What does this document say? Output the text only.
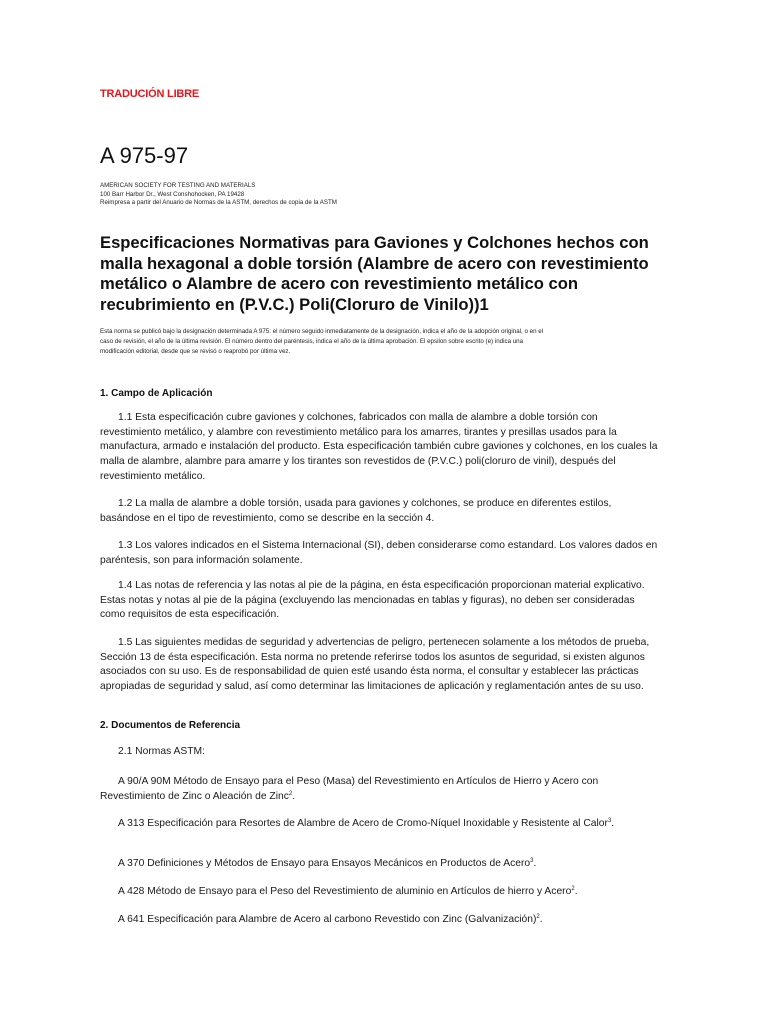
TRADUCIÓN LIBRE
A 975-97
AMERICAN SOCIETY FOR TESTING AND MATERIALS
100 Barr Harbor Dr., West Conshohocken, PA 19428
Reimpresa a partir del Anuario de Normas de la ASTM, derechos de copia de la ASTM
Especificaciones Normativas para Gaviones y Colchones hechos con malla hexagonal a doble torsión (Alambre de acero con revestimiento metálico o Alambre de acero con revestimiento metálico con recubrimiento en (P.V.C.) Poli(Cloruro de Vinilo))1
Esta norma se publicó bajo la designación determinada A 975: el número seguido inmediatamente de la designación, indica el año de la adopción original, o en el caso de revisión, el año de la última revisión. El número dentro del paréntesis, indica el año de la última aprobación. El epsilon sobre escrito (e) indica una modificación editorial, desde que se revisó o reaprobó por última vez.
1. Campo de Aplicación
1.1 Esta especificación cubre gaviones y colchones, fabricados con malla de alambre a doble torsión con revestimiento metálico, y alambre con revestimiento metálico para los amarres, tirantes y presillas usados para la manufactura, armado e instalación del producto. Esta especificación también cubre gaviones y colchones, en los cuales la malla de alambre, alambre para amarre y los tirantes son revestidos de (P.V.C.) poli(cloruro de vinil), después del revestimiento metálico.
1.2 La malla de alambre a doble torsión, usada para gaviones y colchones, se produce en diferentes estilos, basándose en el tipo de revestimiento, como se describe en la sección 4.
1.3 Los valores indicados en el Sistema Internacional (SI), deben considerarse como estandard. Los valores dados en paréntesis, son para información solamente.
1.4 Las notas de referencia y las notas al pie de la página, en ésta especificación proporcionan material explicativo. Estas notas y notas al pie de la página (excluyendo las mencionadas en tablas y figuras), no deben ser consideradas como requisitos de esta especificación.
1.5 Las siguientes medidas de seguridad y advertencias de peligro, pertenecen solamente a los métodos de prueba, Sección 13 de ésta especificación. Esta norma no pretende referirse todos los asuntos de seguridad, si existen algunos asociados con su uso. Es de responsabilidad de quien esté usando ésta norma, el consultar y establecer las prácticas apropiadas de seguridad y salud, así como determinar las limitaciones de aplicación y reglamentación antes de su uso.
2. Documentos de Referencia
2.1 Normas ASTM:
A 90/A 90M Método de Ensayo para el Peso (Masa) del Revestimiento en Artículos de Hierro y Acero con Revestimiento de Zinc o Aleación de Zinc$^2$.
A 313 Especificación para Resortes de Alambre de Acero de Cromo-Níquel Inoxidable y Resistente al Calor$^3$.
A 370 Definiciones y Métodos de Ensayo para Ensayos Mecánicos en Productos de Acero$^3$.
A 428 Método de Ensayo para el Peso del Revestimiento de aluminio en Artículos de hierro y Acero$^2$.
A 641 Especificación para Alambre de Acero al carbono Revestido con Zinc (Galvanización)$^2$.
